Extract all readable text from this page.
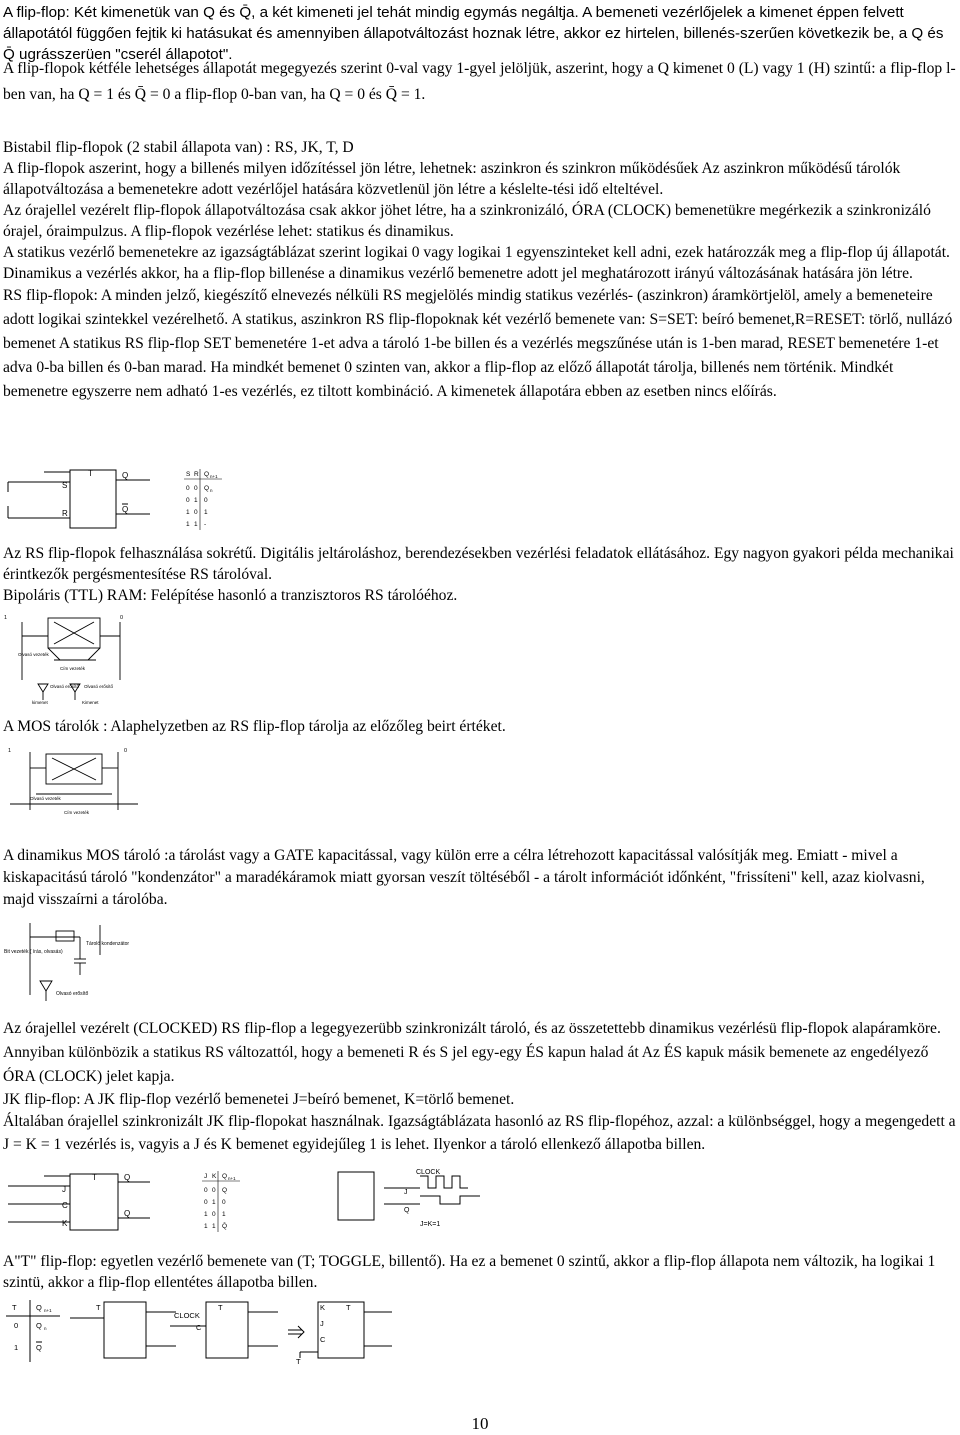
A flip-flop: Két kimenetük van Q és Q̄, a két kimeneti jel tehát mindig egymás negáltja. A bemeneti vezérlőjelek a kimenet éppen felvett állapotától függően fejtik ki hatásukat és amennyiben állapotváltozást hoznak létre, akkor ez hirtelen, billenés-szerűen következik be, a Q és Q̄ ugrásszerüen "cserél állapotot".

A flip-flopok kétféle lehetséges állapotát megegyezés szerint 0-val vagy 1-gyel jelöljük, aszerint, hogy a Q kimenet 0 (L) vagy 1 (H) szintű: a flip-flop l-ben van, ha Q = 1 és Q̄ = 0 a flip-flop 0-ban van, ha Q = 0 és Q̄ = 1.

Bistabil flip-flopok (2 stabil állapota van) : RS, JK, T, D

A flip-flopok aszerint, hogy a billenés milyen időzítéssel jön létre, lehetnek: aszinkron és szinkron működésűek Az aszinkron működésű tárolók állapotváltozása a bemenetekre adott vezérlőjel hatására közvetlenül jön létre a késlelte-tési idő elteltével.

Az órajellel vezérelt flip-flopok állapotváltozása csak akkor jöhet létre, ha a szinkronizáló, ÓRA (CLOCK) bemenetükre megérkezik a szinkronizáló órajel, óraimpulzus. A flip-flopok vezérlése lehet: statikus és dinamikus.

A statikus vezérlő bemenetekre az igazságtáblázat szerint logikai 0 vagy logikai 1 egyenszinteket kell adni, ezek határozzák meg a flip-flop új állapotát.

Dinamikus a vezérlés akkor, ha a flip-flop billenése a dinamikus vezérlő bemenetre adott jel meghatározott irányú változásának hatására jön létre.

RS flip-flopok: A minden jelző, kiegészítő elnevezés nélküli RS megjelölés mindig statikus vezérlés- (aszinkron) áramkörtjelöl, amely a bemeneteire adott logikai szintekkel vezérelhető. A statikus, aszinkron RS flip-flopoknak két vezérlő bemenete van: S=SET: beíró bemenet,R=RESET: törlő, nullázó bemenet A statikus RS flip-flop SET bemenetére 1-et adva a tároló 1-be billen és a vezérlés megszűnése után is 1-ben marad, RESET bemenetére 1-et adva 0-ba billen és 0-ban marad. Ha mindkét bemenet 0 szinten van, akkor a flip-flop az előző állapotát tárolja, billenés nem történik. Mindkét bemenetre egyszerre nem adható 1-es vezérlés, ez tiltott kombináció. A kimenetek állapotára ebben az esetben nincs előírás.

S
T
R
Q
Q
S R Q n+1
0 0 Q n
0 1 0
1 0 1
1 1 -

Az RS flip-flopok felhasználása sokrétű. Digitális jeltároláshoz, berendezésekben vezérlési feladatok ellátásához. Egy nagyon gyakori példa mechanikai érintkezők pergésmentesítése RS tárolóval.

Bipoláris (TTL) RAM: Felépítése hasonló a tranzisztoros RS tárolóéhoz.

1	0
Olvasó vezeték
Cím vezeték
Olvasó erősítő Olvasó erősítő
kimenet	Kimenet

A MOS tárolók : Alaphelyzetben az RS flip-flop tárolja az előzőleg beirt értéket.

1	0
Olvasó vezeték
Cím vezeték

A dinamikus MOS tároló :a tárolást vagy a GATE kapacitással, vagy külön erre a célra létrehozott kapacitással valósítják meg. Emiatt - mivel a kiskapacitású tároló "kondenzátor" a maradékáramok miatt gyorsan veszít töltéséből - a tárolt információt időnként, "frissíteni" kell, azaz kiolvasni, majd visszaírni a tárolóba.

Bit vezeték ( írás, olvasás)
Tároló kondenzátor
Olvasó erősítő

Az órajellel vezérelt (CLOCKED) RS flip-flop a legegyezerübb szinkronizált tároló, és az összetettebb dinamikus vezérlésü flip-flopok alapáramköre. Annyiban különbözik a statikus RS változattól, hogy a bemeneti R és S jel egy-egy ÉS kapun halad át Az ÉS kapuk másik bemenete az engedélyező ÓRA (CLOCK) jelet kapja.

JK flip-flop: A JK flip-flop vezérlő bemenetei J=beíró bemenet, K=törlő bemenet.

Általában órajellel szinkronizált JK flip-flopokat használnak. Igazságtáblázata hasonló az RS flip-flopéhoz, azzal: a különbséggel, hogy a megengedett a J = K = 1 vezérlés is, vagyis a J és K bemenet egyidejűleg 1 is lehet. Ilyenkor a tároló ellenkező állapotba billen.

J
T
C
K
Q
Q
J K Q n+1
0 0 Q
0 1 0
1 0 1
1 1 Q̄
CLOCK
J
Q
J=K=1

A"T" flip-flop: egyetlen vezérlő bemenete van (T; TOGGLE, billentő). Ha ez a bemenet 0 szintű, akkor a flip-flop állapota nem változik, ha logikai 1 szintü, akkor a flip-flop ellentétes állapotba billen.

T	Q n+1
0 Q n
1 Q
T
CLOCK
C
T	K	T
J
C
T
10
